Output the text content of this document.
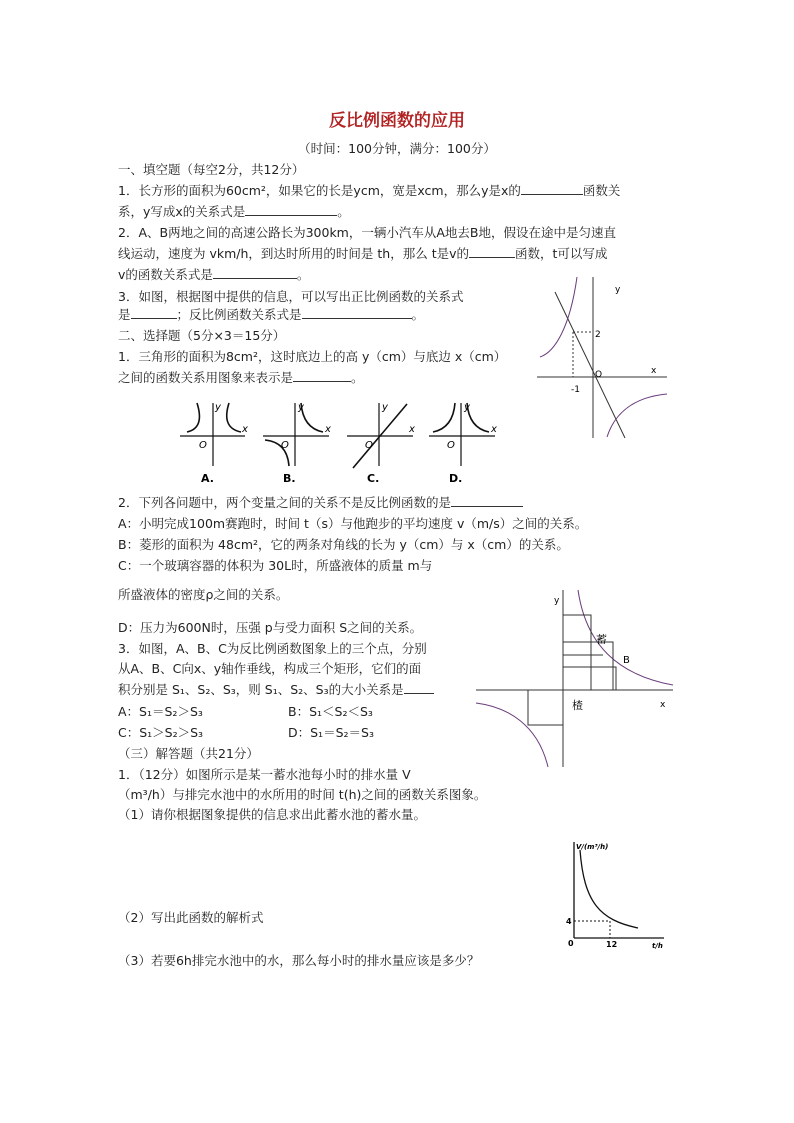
反比例函数的应用
（时间：100分钟，满分：100分）
一、填空题（每空2分，共12分）
1．长方形的面积为60cm²，如果它的长是ycm，宽是xcm，那么y是x的	函数关
系，y写成x的关系式是	。
2．A、B两地之间的高速公路长为300km，一辆小汽车从A地去B地，假设在途中是匀速直
线运动，速度为 vkm/h，到达时所用的时间是 th，那么 t是v的	函数，t可以写成
v的函数关系式是	。
3．如图，根据图中提供的信息，可以写出正比例函数的关系式
是	；反比例函数关系式是	。
y
x
2
O
-1
二、选择题（5分×3＝15分）
1．三角形的面积为8cm²，这时底边上的高 y（cm）与底边 x（cm）
之间的函数关系用图象来表示是	。
y
x
O
A.
y
x
O
B.
y
x
O
C.
y
x
O
D.
2．下列各问题中，两个变量之间的关系不是反比例函数的是
A：小明完成100m赛跑时，时间 t（s）与他跑步的平均速度 v（m/s）之间的关系。
B：菱形的面积为 48cm²，它的两条对角线的长为 y（cm）与 x（cm）的关系。
C：一个玻璃容器的体积为 30L时，所盛液体的质量 m与
所盛液体的密度ρ之间的关系。
D：压力为600N时，压强 p与受力面积 S之间的关系。
3．如图，A、B、C为反比例函数图象上的三个点，分别
从A、B、C向x、y轴作垂线，构成三个矩形，它们的面
积分别是 S₁、S₂、S₃，则 S₁、S₂、S₃的大小关系是
A：S₁＝S₂＞S₃	B：S₁＜S₂＜S₃
C：S₁＞S₂＞S₃	D：S₁＝S₂＝S₃
y
x
蓄
B
楂
（三）解答题（共21分）
1．（12分）如图所示是某一蓄水池每小时的排水量 V
（m³/h）与排完水池中的水所用的时间 t(h)之间的函数关系图象。
（1）请你根据图象提供的信息求出此蓄水池的蓄水量。
（2）写出此函数的解析式
（3）若要6h排完水池中的水，那么每小时的排水量应该是多少？
V/(m³/h)
t/h
0
4
12
